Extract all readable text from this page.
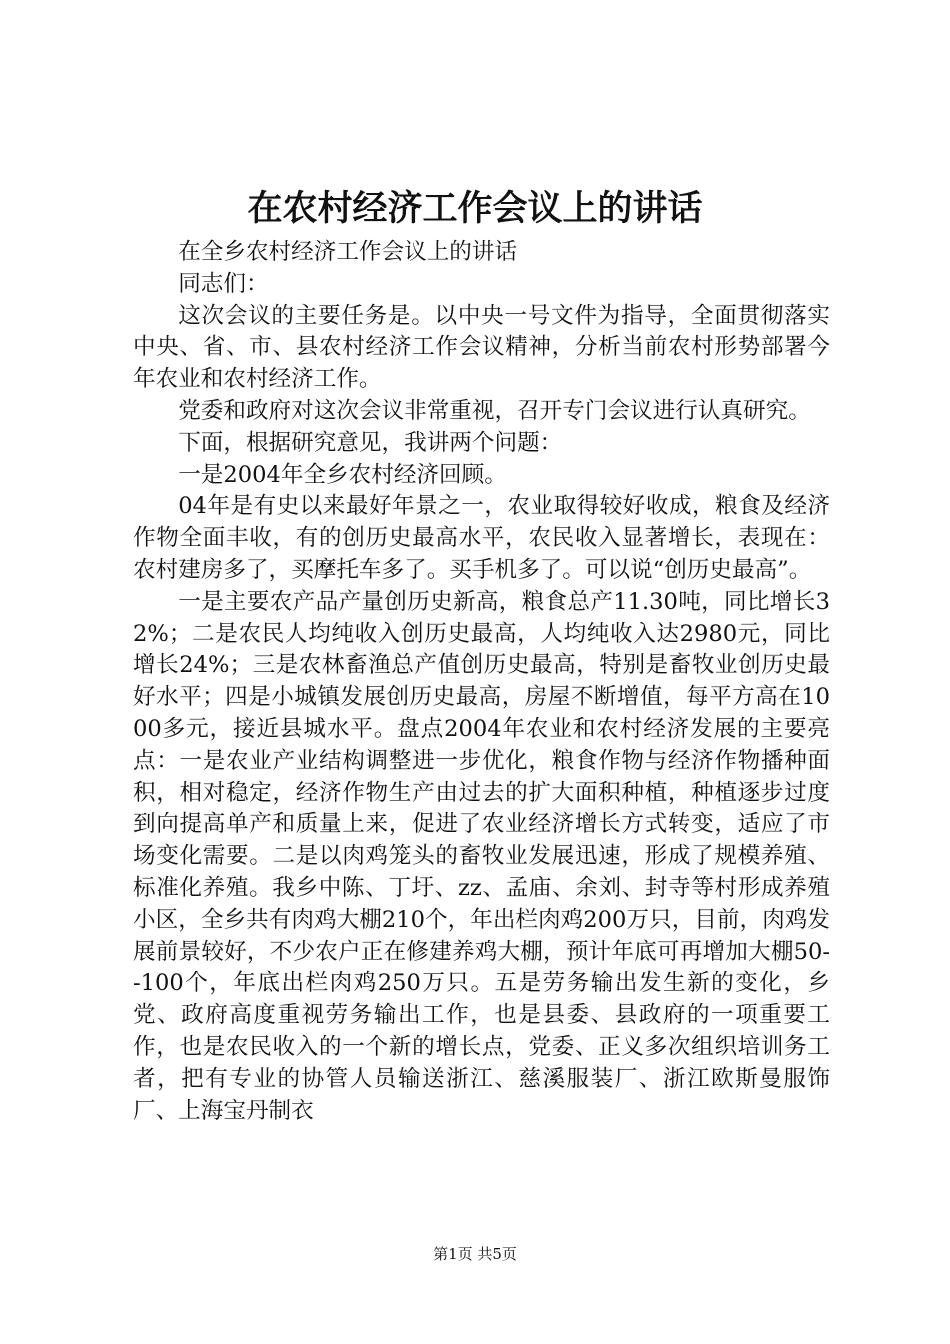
在农村经济工作会议上的讲话

在全乡农村经济工作会议上的讲话

同志们：

这次会议的主要任务是。以中央一号文件为指导，全面贯彻落实中央、省、市、县农村经济工作会议精神，分析当前农村形势部署今年农业和农村经济工作。

党委和政府对这次会议非常重视，召开专门会议进行认真研究。

下面，根据研究意见，我讲两个问题：

一是2004年全乡农村经济回顾。

04年是有史以来最好年景之一，农业取得较好收成，粮食及经济作物全面丰收，有的创历史最高水平，农民收入显著增长，表现在：农村建房多了，买摩托车多了。买手机多了。可以说“创历史最高”。

一是主要农产品产量创历史新高，粮食总产11.30吨，同比增长32%；二是农民人均纯收入创历史最高，人均纯收入达2980元，同比增长24%；三是农林畜渔总产值创历史最高，特别是畜牧业创历史最好水平；四是小城镇发展创历史最高，房屋不断增值，每平方高在1000多元，接近县城水平。盘点2004年农业和农村经济发展的主要亮点：一是农业产业结构调整进一步优化，粮食作物与经济作物播种面积，相对稳定，经济作物生产由过去的扩大面积种植，种植逐步过度到向提高单产和质量上来，促进了农业经济增长方式转变，适应了市场变化需要。二是以肉鸡笼头的畜牧业发展迅速，形成了规模养殖、标准化养殖。我乡中陈、丁圩、zz、孟庙、余刘、封寺等村形成养殖小区，全乡共有肉鸡大棚210个，年出栏肉鸡200万只，目前，肉鸡发展前景较好，不少农户正在修建养鸡大棚，预计年底可再增加大棚50--100个，年底出栏肉鸡250万只。五是劳务输出发生新的变化，乡党、政府高度重视劳务输出工作，也是县委、县政府的一项重要工作，也是农民收入的一个新的增长点，党委、正义多次组织培训务工者，把有专业的协管人员输送浙江、慈溪服装厂、浙江欧斯曼服饰厂、上海宝丹制衣

第1页 共5页
